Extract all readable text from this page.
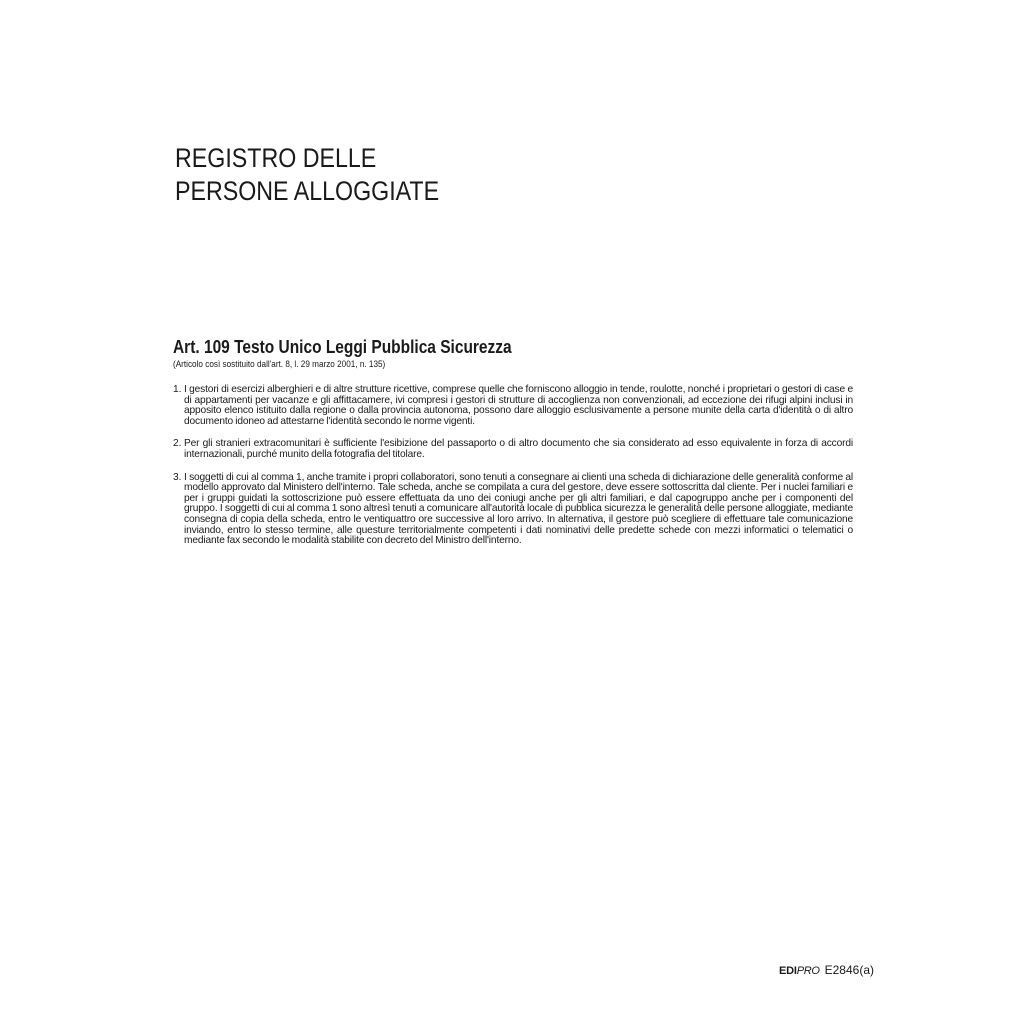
REGISTRO DELLE
PERSONE ALLOGGIATE
Art. 109 Testo Unico Leggi Pubblica Sicurezza
(Articolo così sostituito dall'art. 8, l. 29 marzo 2001, n. 135)
1. I gestori di esercizi alberghieri e di altre strutture ricettive, comprese quelle che forniscono alloggio in tende, roulotte, nonché i proprietari o gestori di case e di appartamenti per vacanze e gli affittacamere, ivi compresi i gestori di strutture di accoglienza non convenzionali, ad eccezione dei rifugi alpini inclusi in apposito elenco istituito dalla regione o dalla provincia autonoma, possono dare alloggio esclusivamente a persone munite della carta d'identità o di altro documento idoneo ad attestarne l'identità secondo le norme vigenti.
2. Per gli stranieri extracomunitari è sufficiente l'esibizione del passaporto o di altro documento che sia considerato ad esso equivalente in forza di accordi internazionali, purché munito della fotografia del titolare.
3. I soggetti di cui al comma 1, anche tramite i propri collaboratori, sono tenuti a consegnare ai clienti una scheda di dichiarazione delle generalità conforme al modello approvato dal Ministero dell'interno. Tale scheda, anche se compilata a cura del gestore, deve essere sottoscritta dal cliente. Per i nuclei familiari e per i gruppi guidati la sottoscrizione può essere effettuata da uno dei coniugi anche per gli altri familiari, e dal capogruppo anche per i componenti del gruppo. I soggetti di cui al comma 1 sono altresì tenuti a comunicare all'autorità locale di pubblica sicurezza le generalità delle persone alloggiate, mediante consegna di copia della scheda, entro le ventiquattro ore successive al loro arrivo. In alternativa, il gestore può scegliere di effettuare tale comunicazione inviando, entro lo stesso termine, alle questure territorialmente competenti i dati nominativi delle predette schede con mezzi informatici o telematici o mediante fax secondo le modalità stabilite con decreto del Ministro dell'interno.
EDI PRO E2846(a)
